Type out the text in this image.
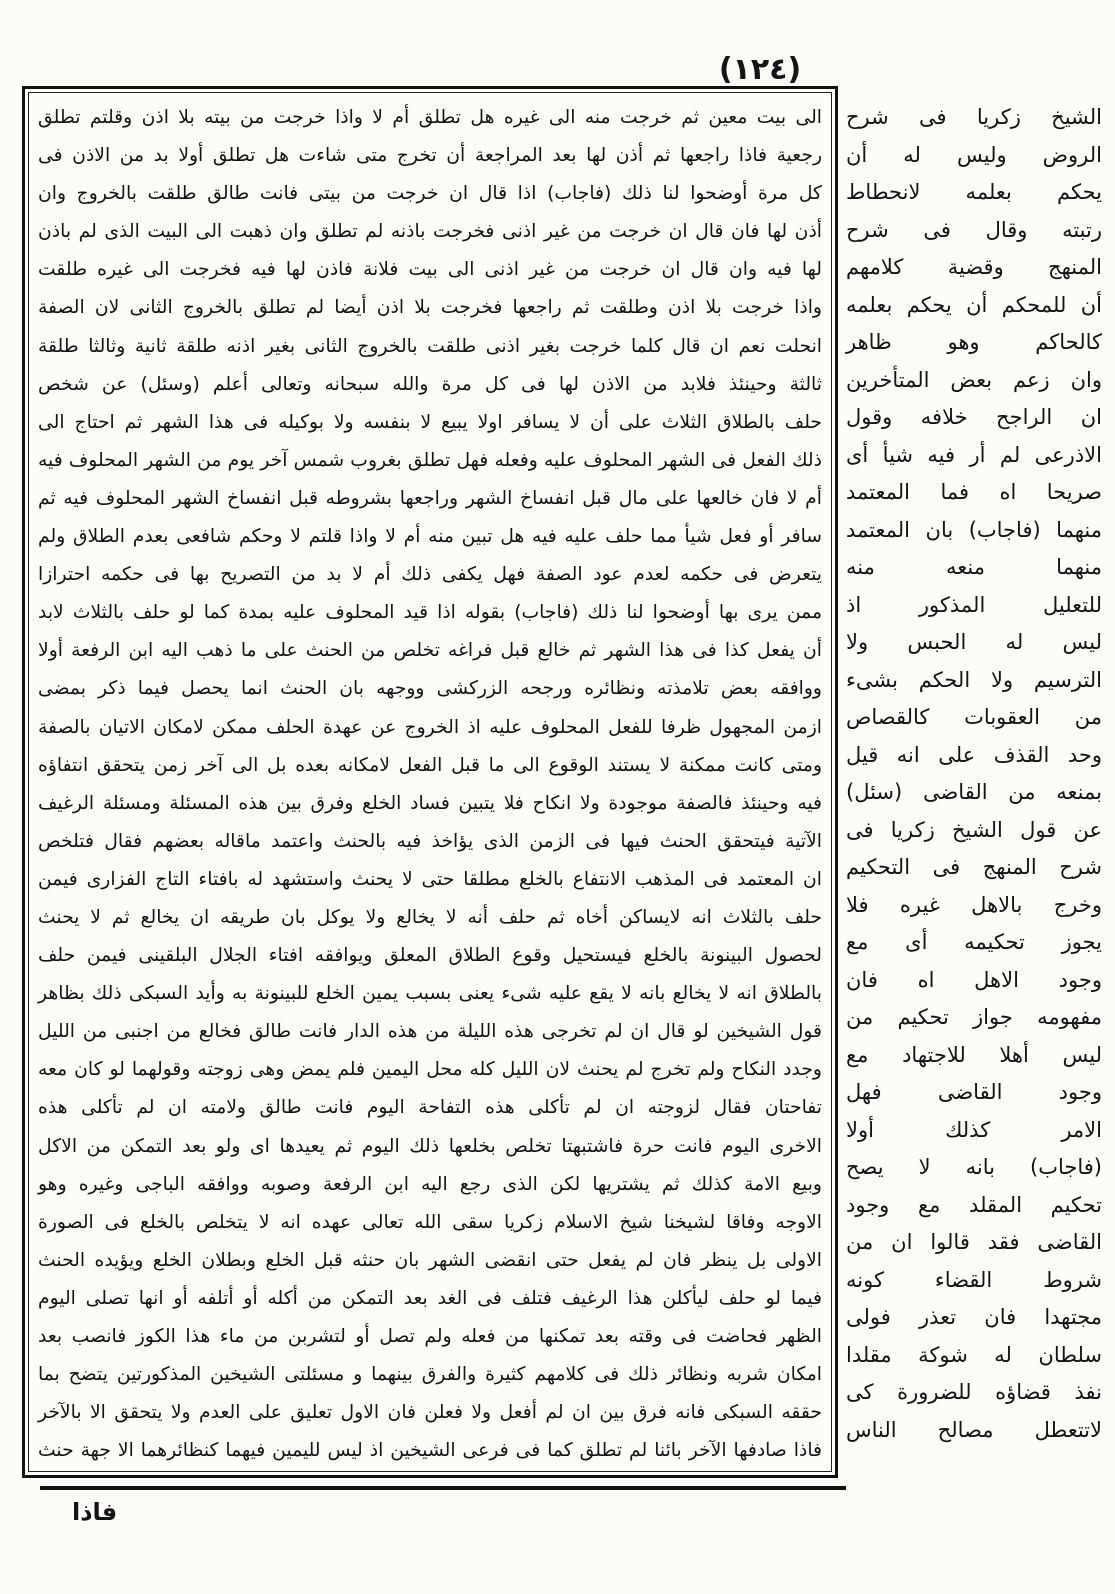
(١٢٤)
الى بيت معين ثم خرجت منه الى غيره هل تطلق أم لا واذا خرجت من بيته بلا اذن وقلتم تطلق
رجعية فاذا راجعها ثم أذن لها بعد المراجعة أن تخرج متى شاءت هل تطلق أولا بد من الاذن فى
كل مرة أوضحوا لنا ذلك (فاجاب) اذا قال ان خرجت من بيتى فانت طالق طلقت بالخروج وان
أذن لها فان قال ان خرجت من غير اذنى فخرجت باذنه لم تطلق وان ذهبت الى البيت الذى لم باذن
لها فيه وان قال ان خرجت من غير اذنى الى بيت فلانة فاذن لها فيه فخرجت الى غيره طلقت
واذا خرجت بلا اذن وطلقت ثم راجعها فخرجت بلا اذن أيضا لم تطلق بالخروج الثانى لان الصفة
انحلت نعم ان قال كلما خرجت بغير اذنى طلقت بالخروج الثانى بغير اذنه طلقة ثانية وثالثا طلقة
ثالثة وحينئذ فلابد من الاذن لها فى كل مرة والله سبحانه وتعالى أعلم (وسئل) عن شخص
حلف بالطلاق الثلاث على أن لا يسافر اولا يبيع لا بنفسه ولا بوكيله فى هذا الشهر ثم احتاج الى
ذلك الفعل فى الشهر المحلوف عليه وفعله فهل تطلق بغروب شمس آخر يوم من الشهر المحلوف فيه
أم لا فان خالعها على مال قبل انفساخ الشهر وراجعها بشروطه قبل انفساخ الشهر المحلوف فيه ثم
سافر أو فعل شيأ مما حلف عليه فيه هل تبين منه أم لا واذا قلتم لا وحكم شافعى بعدم الطلاق ولم
يتعرض فى حكمه لعدم عود الصفة فهل يكفى ذلك أم لا بد من التصريح بها فى حكمه احترازا
ممن يرى بها أوضحوا لنا ذلك (فاجاب) بقوله اذا قيد المحلوف عليه بمدة كما لو حلف بالثلاث لابد
أن يفعل كذا فى هذا الشهر ثم خالع قبل فراغه تخلص من الحنث على ما ذهب اليه ابن الرفعة أولا
ووافقه بعض تلامذته ونظائره ورجحه الزركشى ووجهه بان الحنث انما يحصل فيما ذكر بمضى
ازمن المجهول ظرفا للفعل المحلوف عليه اذ الخروج عن عهدة الحلف ممكن لامكان الاتيان بالصفة
ومتى كانت ممكنة لا يستند الوقوع الى ما قبل الفعل لامكانه بعده بل الى آخر زمن يتحقق انتفاؤه
فيه وحينئذ فالصفة موجودة ولا انكاح فلا يتبين فساد الخلع وفرق بين هذه المسئلة ومسئلة الرغيف
الآتية فيتحقق الحنث فيها فى الزمن الذى يؤاخذ فيه بالحنث واعتمد ماقاله بعضهم فقال فتلخص
ان المعتمد فى المذهب الانتفاع بالخلع مطلقا حتى لا يحنث واستشهد له بافتاء التاج الفزارى فيمن
حلف بالثلاث انه لايساكن أخاه ثم حلف أنه لا يخالع ولا يوكل بان طريقه ان يخالع ثم لا يحنث
لحصول البينونة بالخلع فيستحيل وقوع الطلاق المعلق ويوافقه افتاء الجلال البلقينى فيمن حلف
بالطلاق انه لا يخالع بانه لا يقع عليه شىء يعنى بسبب يمين الخلع للبينونة به وأيد السبكى ذلك بظاهر
قول الشيخين لو قال ان لم تخرجى هذه الليلة من هذه الدار فانت طالق فخالع من اجنبى من الليل
وجدد النكاح ولم تخرج لم يحنث لان الليل كله محل اليمين فلم يمض وهى زوجته وقولهما لو كان معه
تفاحتان فقال لزوجته ان لم تأكلى هذه التفاحة اليوم فانت طالق ولامته ان لم تأكلى هذه
الاخرى اليوم فانت حرة فاشتبهتا تخلص بخلعها ذلك اليوم ثم يعيدها اى ولو بعد التمكن من الاكل
وبيع الامة كذلك ثم يشتريها لكن الذى رجع اليه ابن الرفعة وصوبه ووافقه الباجى وغيره وهو
الاوجه وفاقا لشيخنا شيخ الاسلام زكريا سقى الله تعالى عهده انه لا يتخلص بالخلع فى الصورة
الاولى بل ينظر فان لم يفعل حتى انقضى الشهر بان حنثه قبل الخلع وبطلان الخلع ويؤيده الحنث
فيما لو حلف ليأكلن هذا الرغيف فتلف فى الغد بعد التمكن من أكله أو أتلفه أو انها تصلى اليوم
الظهر فحاضت فى وقته بعد تمكنها من فعله ولم تصل أو لتشربن من ماء هذا الكوز فانصب بعد
امكان شربه ونظائر ذلك فى كلامهم كثيرة والفرق بينهما و مسئلتى الشيخين المذكورتين يتضح بما
حققه السبكى فانه فرق بين ان لم أفعل ولا فعلن فان الاول تعليق على العدم ولا يتحقق الا بالآخر
فاذا صادفها الآخر بائنا لم تطلق كما فى فرعى الشيخين اذ ليس لليمين فيهما كنظائرهما الا جهة حنث
الشيخ زكريا فى شرح
الروض وليس له أن
يحكم بعلمه لانحطاط
رتبته وقال فى شرح
المنهج وقضية كلامهم
أن للمحكم أن يحكم بعلمه
كالحاكم وهو ظاهر
وان زعم بعض المتأخرين
ان الراجح خلافه وقول
الاذرعى لم أر فيه شيأ أى
صريحا اه فما المعتمد
منهما (فاجاب) بان المعتمد
منهما منعه منه
للتعليل المذكور اذ
ليس له الحبس ولا
الترسيم ولا الحكم بشىء
من العقوبات كالقصاص
وحد القذف على انه قيل
بمنعه من القاضى (سئل)
عن قول الشيخ زكريا فى
شرح المنهج فى التحكيم
وخرج بالاهل غيره فلا
يجوز تحكيمه أى مع
وجود الاهل اه فان
مفهومه جواز تحكيم من
ليس أهلا للاجتهاد مع
وجود القاضى فهل
الامر كذلك أولا
(فاجاب) بانه لا يصح
تحكيم المقلد مع وجود
القاضى فقد قالوا ان من
شروط القضاء كونه
مجتهدا فان تعذر فولى
سلطان له شوكة مقلدا
نفذ قضاؤه للضرورة كى
لاتتعطل مصالح الناس
فاذا
